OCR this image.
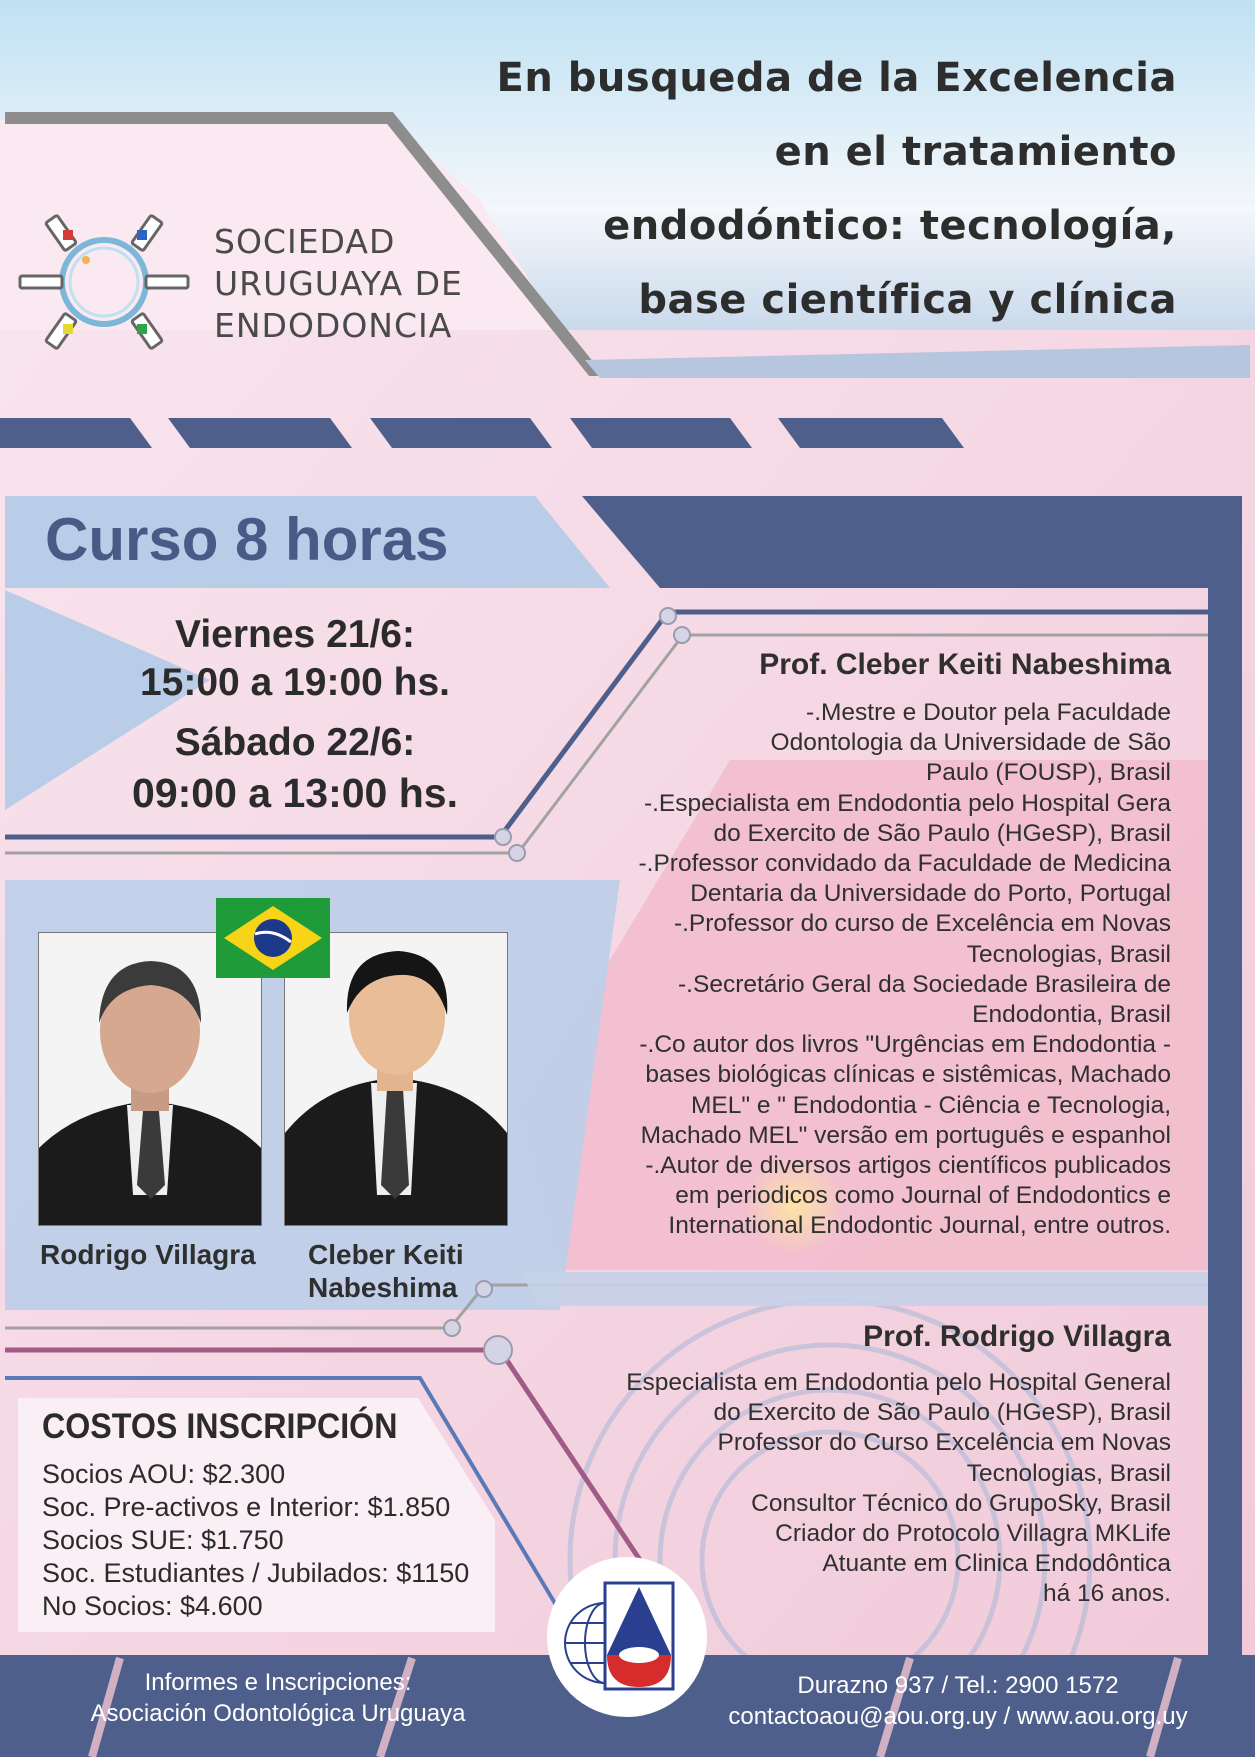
SOCIEDAD
URUGUAYA DE
ENDODONCIA
En busqueda de la Excelencia
en el tratamiento
endodóntico: tecnología,
base científica y clínica
Curso 8 horas
Viernes 21/6:
15:00 a 19:00 hs.
Sábado 22/6:
09:00 a 13:00 hs.
Prof. Cleber Keiti Nabeshima
-.Mestre e Doutor pela Faculdade
Odontologia da Universidade de São
Paulo (FOUSP), Brasil
-.Especialista em Endodontia pelo Hospital Gera
do Exercito de São Paulo (HGeSP), Brasil
-.Professor convidado da Faculdade de Medicina
Dentaria da Universidade do Porto, Portugal
-.Professor do curso de Excelência em Novas
Tecnologias, Brasil
-.Secretário Geral da Sociedade Brasileira de
Endodontia, Brasil
-.Co autor dos livros "Urgências em Endodontia -
bases biológicas clínicas e sistêmicas, Machado
MEL" e " Endodontia - Ciência e Tecnologia,
Machado MEL" versão em português e espanhol
-.Autor de diversos artigos científicos publicados
em periodicos como Journal of Endodontics e
International Endodontic Journal, entre outros.
Rodrigo Villagra Cleber Keiti
Nabeshima
Prof. Rodrigo Villagra
Especialista em Endodontia pelo Hospital General
do Exercito de São Paulo (HGeSP), Brasil
Professor do Curso Excelência em Novas
Tecnologias, Brasil
Consultor Técnico do GrupoSky, Brasil
Criador do Protocolo Villagra MKLife
Atuante em Clinica Endodôntica
há 16 anos.
COSTOS INSCRIPCIÓN
Socios AOU: $2.300
Soc. Pre-activos e Interior: $1.850
Socios SUE: $1.750
Soc. Estudiantes / Jubilados: $1150
No Socios: $4.600
Informes e Inscripciones:
Asociación Odontológica Uruguaya
Durazno 937 / Tel.: 2900 1572
contactoaou@aou.org.uy / www.aou.org.uy
